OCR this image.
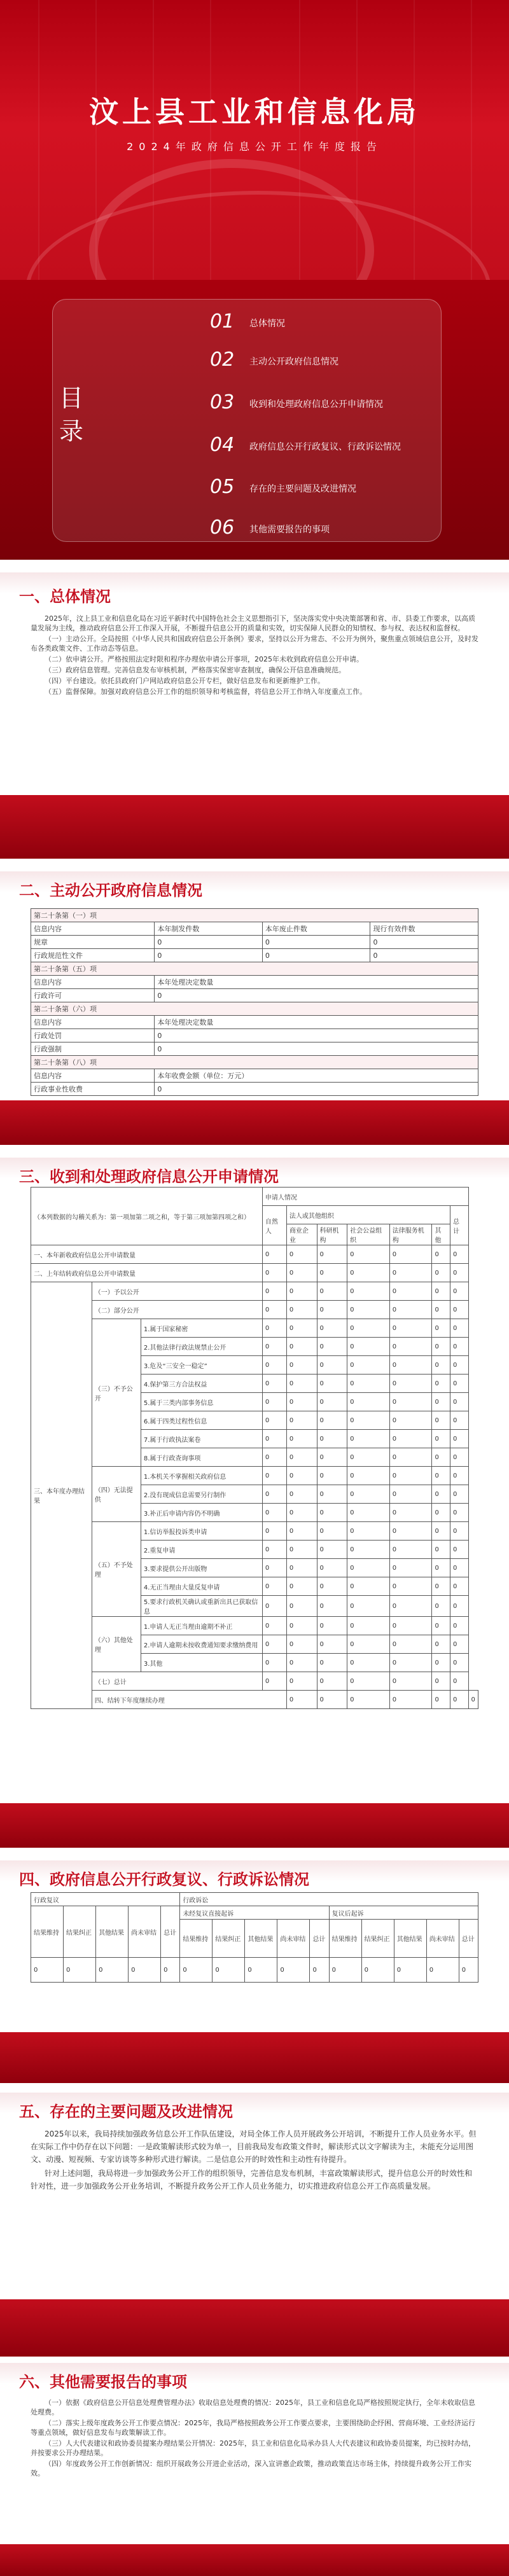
汶上县工业和信息化局
2024年政府信息公开工作年度报告
目录
01 总体情况
02 主动公开政府信息情况
03 收到和处理政府信息公开申请情况
04 政府信息公开行政复议、行政诉讼情况
05 存在的主要问题及改进情况
06 其他需要报告的事项
一、总体情况

2025年，汶上县工业和信息化局在习近平新时代中国特色社会主义思想指引下，坚决落实党中央决策部署和省、市、县委工作要求，以高质量发展为主线，推动政府信息公开工作深入开展，不断提升信息公开的质量和实效，切实保障人民群众的知情权、参与权、表达权和监督权。

（一）主动公开。全局按照《中华人民共和国政府信息公开条例》要求，坚持以公开为常态、不公开为例外，聚焦重点领域信息公开，及时发布各类政策文件、工作动态等信息。

（二）依申请公开。严格按照法定时限和程序办理依申请公开事项，2025年未收到政府信息公开申请。

（三）政府信息管理。完善信息发布审核机制，严格落实保密审查制度，确保公开信息准确规范。

（四）平台建设。依托县政府门户网站政府信息公开专栏，做好信息发布和更新维护工作。

（五）监督保障。加强对政府信息公开工作的组织领导和考核监督，将信息公开工作纳入年度重点工作。

二、主动公开政府信息情况
第二十条第（一）项			
信息内容	本年制发件数	本年废止件数	现行有效件数
规章	0	0	0
行政规范性文件	0	0	0
第二十条第（五）项			
信息内容	本年处理决定数量		
行政许可	0		
第二十条第（六）项			
信息内容	本年处理决定数量		
行政处罚	0		
行政强制	0		
第二十条第（八）项			
信息内容	本年收费金额（单位：万元）		
行政事业性收费	0		
三、收到和处理政府信息公开申请情况
（本列数据的勾稽关系为：第一项加第二项之和，等于第三项加第四项之和）			申请人情况							
			自然人	法人或其他组织					总计	
				商业企业	科研机构	社会公益组织	法律服务机构	其他		
一、本年新收政府信息公开申请数量			0	0	0	0	0	0	0	
二、上年结转政府信息公开申请数量			0	0	0	0	0	0	0	
三、本年度办理结果	（一）予以公开		0	0	0	0	0	0	0	
	（二）部分公开		0	0	0	0	0	0	0	
	（三）不予公开	1.属于国家秘密	0	0	0	0	0	0	0	
		2.其他法律行政法规禁止公开	0	0	0	0	0	0	0	
		3.危及“三安全一稳定”	0	0	0	0	0	0	0	
		4.保护第三方合法权益	0	0	0	0	0	0	0	
		5.属于三类内部事务信息	0	0	0	0	0	0	0	
		6.属于四类过程性信息	0	0	0	0	0	0	0	
		7.属于行政执法案卷	0	0	0	0	0	0	0	
		8.属于行政查询事项	0	0	0	0	0	0	0	
	（四）无法提供	1.本机关不掌握相关政府信息	0	0	0	0	0	0	0	
		2.没有现成信息需要另行制作	0	0	0	0	0	0	0	
		3.补正后申请内容仍不明确	0	0	0	0	0	0	0	
	（五）不予处理	1.信访举报投诉类申请	0	0	0	0	0	0	0	
		2.重复申请	0	0	0	0	0	0	0	
		3.要求提供公开出版物	0	0	0	0	0	0	0	
		4.无正当理由大量反复申请	0	0	0	0	0	0	0	
		5.要求行政机关确认或重新出具已获取信息	0	0	0	0	0	0	0	
	（六）其他处理	1.申请人无正当理由逾期不补正	0	0	0	0	0	0	0	
		2.申请人逾期未按收费通知要求缴纳费用	0	0	0	0	0	0	0	
		3.其他	0	0	0	0	0	0	0	
	（七）总计		0	0	0	0	0	0	0	
	四、结转下年度继续办理			0	0	0	0	0	0	0
四、政府信息公开行政复议、行政诉讼情况
行政复议					行政诉讼									
结果维持	结果纠正	其他结果	尚未审结	总计	未经复议直接起诉					复议后起诉				
					结果维持	结果纠正	其他结果	尚未审结	总计	结果维持	结果纠正	其他结果	尚未审结	总计
0	0	0	0	0	0	0	0	0	0	0	0	0	0	0
五、存在的主要问题及改进情况

2025年以来，我局持续加强政务信息公开工作队伍建设，对局全体工作人员开展政务公开培训，不断提升工作人员业务水平。但在实际工作中仍存在以下问题：一是政策解读形式较为单一，目前我局发布政策文件时，解读形式以文字解读为主，未能充分运用图文、动漫、短视频、专家访谈等多种形式进行解读。二是信息公开的时效性和主动性有待提升。

针对上述问题，我局将进一步加强政务公开工作的组织领导，完善信息发布机制，丰富政策解读形式，提升信息公开的时效性和针对性，进一步加强政务公开业务培训，不断提升政务公开工作人员业务能力，切实推进政府信息公开工作高质量发展。

六、其他需要报告的事项

（一）依据《政府信息公开信息处理费管理办法》收取信息处理费的情况：2025年，县工业和信息化局严格按照规定执行，全年未收取信息处理费。

（二）落实上级年度政务公开工作要点情况：2025年，我局严格按照政务公开工作要点要求，主要围绕助企纾困、营商环境、工业经济运行等重点领域，做好信息发布与政策解读工作。

（三）人大代表建议和政协委员提案办理结果公开情况：2025年，县工业和信息化局承办县人大代表建议和政协委员提案，均已按时办结，并按要求公开办理结果。

（四）年度政务公开工作创新情况：组织开展政务公开进企业活动，深入宣讲惠企政策，推动政策直达市场主体，持续提升政务公开工作实效。
